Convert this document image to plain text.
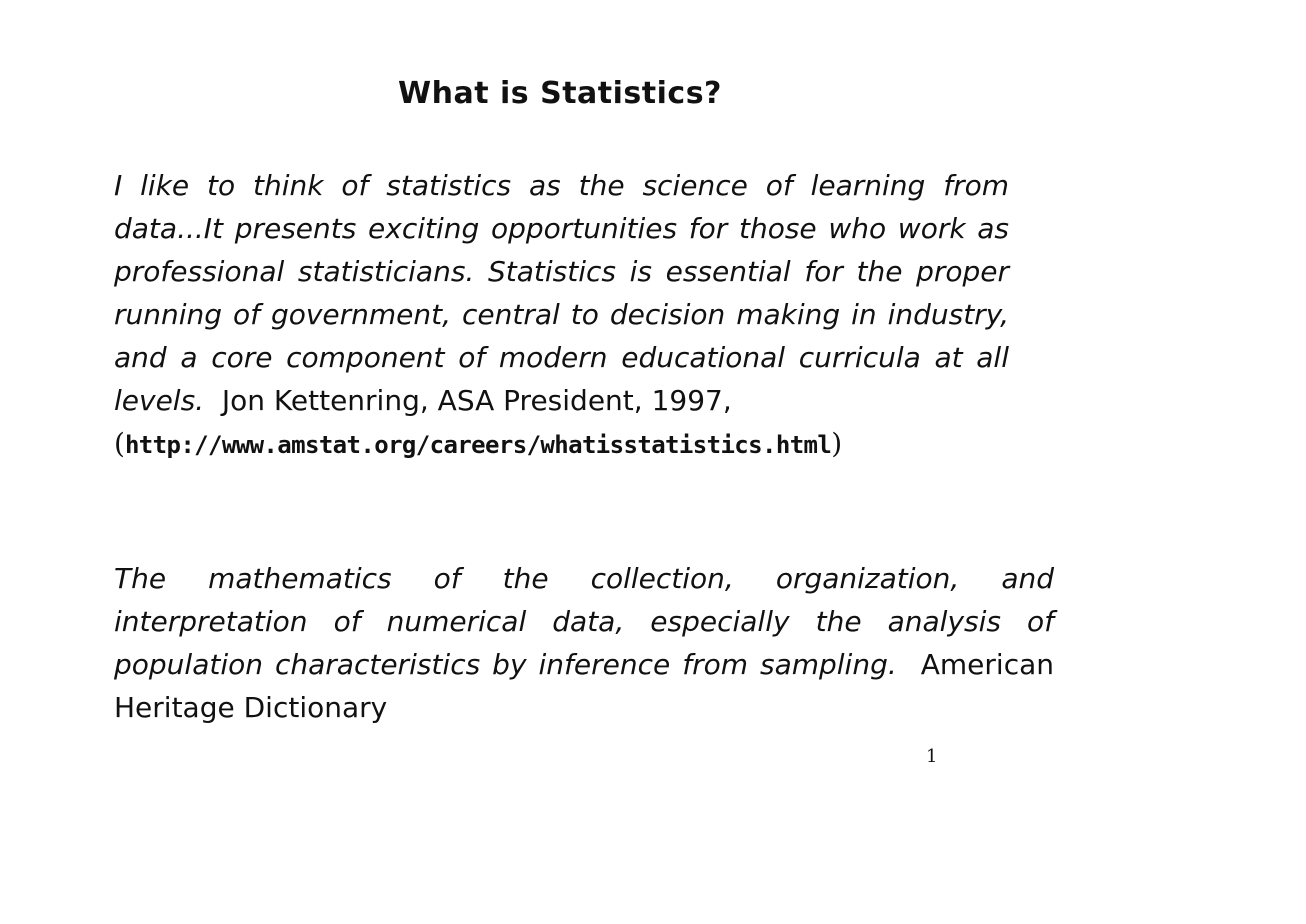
What is Statistics?
I like to think of statistics as the science of learning from data...It presents exciting opportunities for those who work as professional statisticians. Statistics is essential for the proper running of government, central to decision making in industry, and a core component of modern educational curricula at all levels. Jon Kettenring, ASA President, 1997,
(http://www.amstat.org/careers/whatisstatistics.html)
The mathematics of the collection, organization, and interpretation of numerical data, especially the analysis of population characteristics by inference from sampling. American Heritage Dictionary
1
